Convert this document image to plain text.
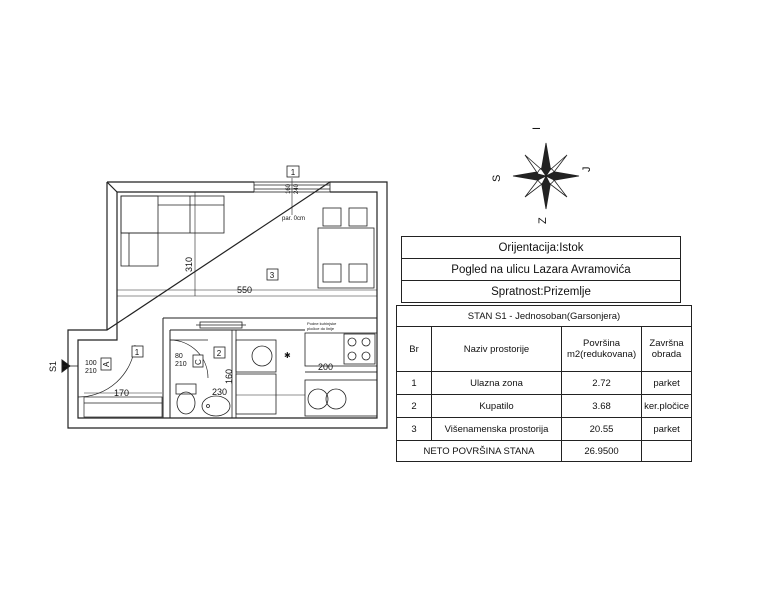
1
160 240
par. 0cm
310
550
3
1	2
S1	A
100
210
C
80
210
170
160
230
200
Podne kuhinjske
pločice do linije
✱
S
I
J
Z
Orijentacija:Istok
Pogled na ulicu Lazara Avramovića
Spratnost:Prizemlje
STAN S1 - Jednosoban(Garsonjera)			
Br	Naziv prostorije	Površina m2(redukovana)	Završna obrada
1	Ulazna zona	2.72	parket
2	Kupatilo	3.68	ker.pločice
3	Višenamenska prostorija	20.55	parket
NETO POVRŠINA STANA		26.9500	
